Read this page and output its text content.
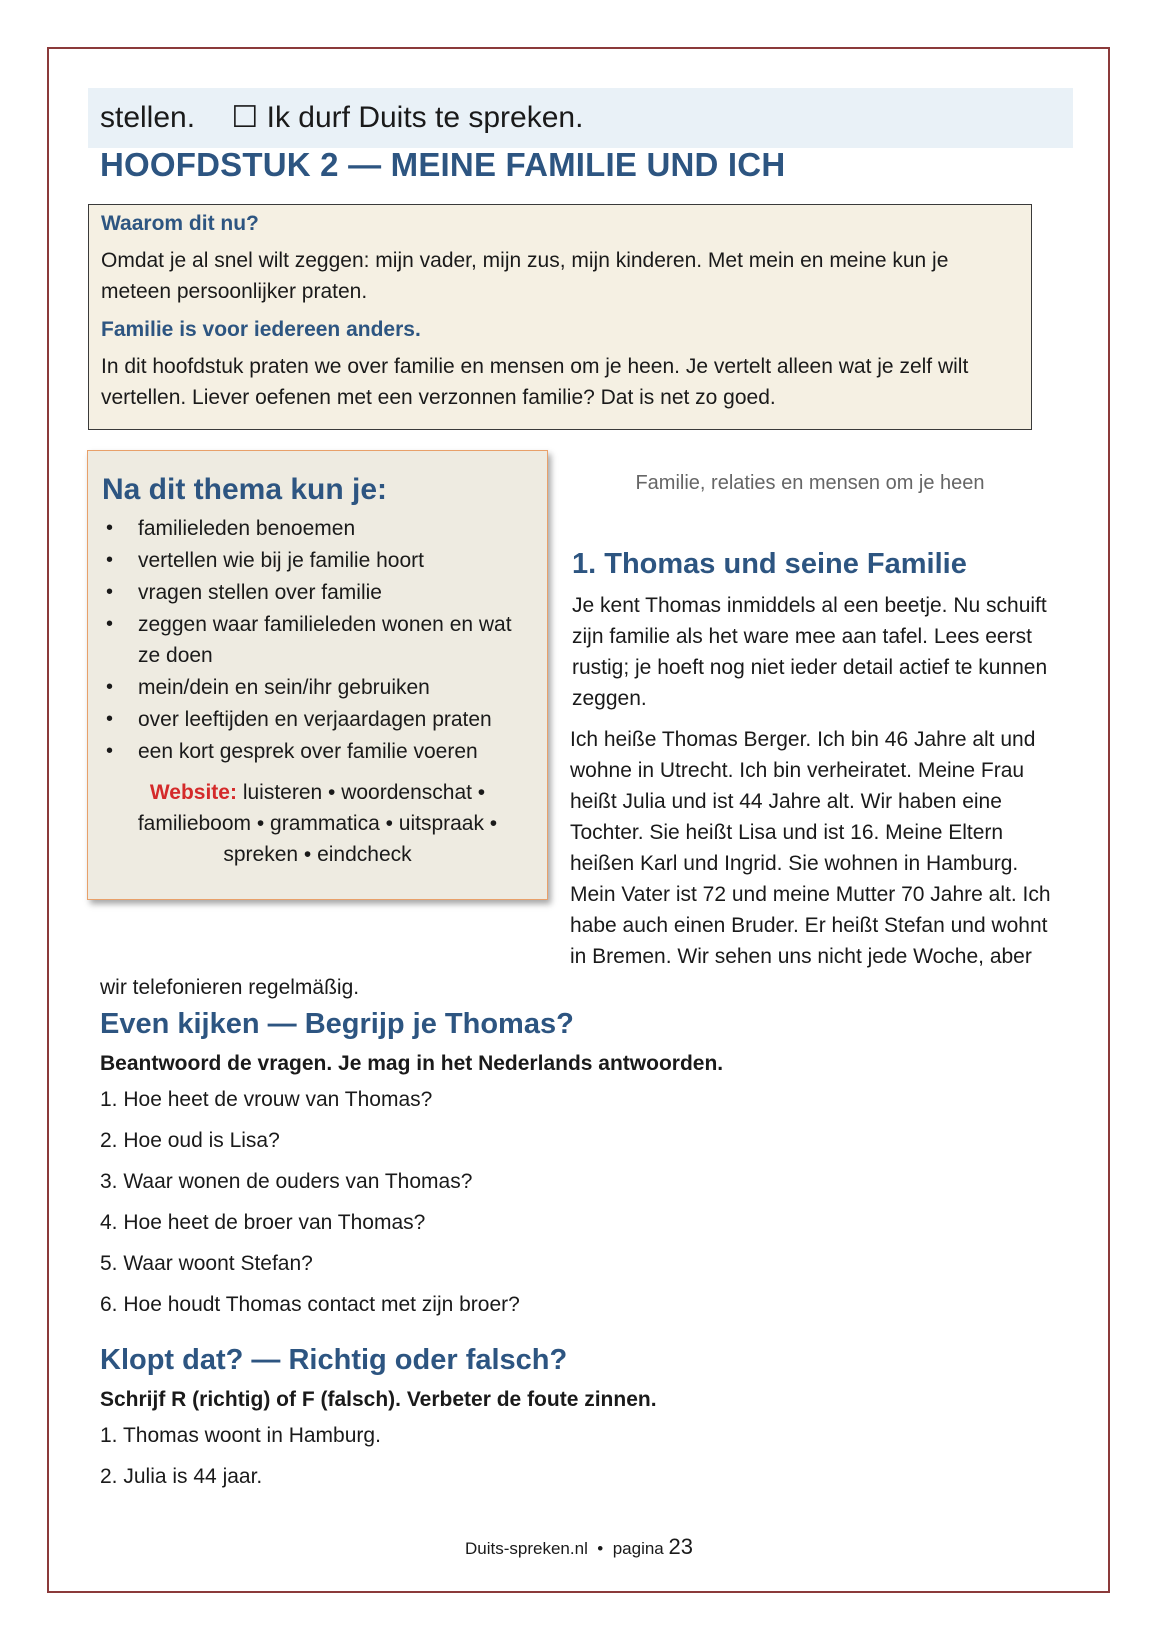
stellen. ☐ Ik durf Duits te spreken.
HOOFDSTUK 2 — MEINE FAMILIE UND ICH
Waarom dit nu?

Omdat je al snel wilt zeggen: mijn vader, mijn zus, mijn kinderen. Met mein en meine kun je meteen persoonlijker praten.

Familie is voor iedereen anders.

In dit hoofdstuk praten we over familie en mensen om je heen. Je vertelt alleen wat je zelf wilt vertellen. Liever oefenen met een verzonnen familie? Dat is net zo goed.

Na dit thema kun je:
• familieleden benoemen
• vertellen wie bij je familie hoort
• vragen stellen over familie
• zeggen waar familieleden wonen en wat ze doen
• mein/dein en sein/ihr gebruiken
• over leeftijden en verjaardagen praten
• een kort gesprek over familie voeren
Website: luisteren • woordenschat • familieboom • grammatica • uitspraak • spreken • eindcheck
Familie, relaties en mensen om je heen
1. Thomas und seine Familie

Je kent Thomas inmiddels al een beetje. Nu schuift zijn familie als het ware mee aan tafel. Lees eerst rustig; je hoeft nog niet ieder detail actief te kunnen zeggen.

Ich heiße Thomas Berger. Ich bin 46 Jahre alt und wohne in Utrecht. Ich bin verheiratet. Meine Frau heißt Julia und ist 44 Jahre alt. Wir haben eine Tochter. Sie heißt Lisa und ist 16. Meine Eltern heißen Karl und Ingrid. Sie wohnen in Hamburg. Mein Vater ist 72 und meine Mutter 70 Jahre alt. Ich habe auch einen Bruder. Er heißt Stefan und wohnt in Bremen. Wir sehen uns nicht jede Woche, aber wir telefonieren regelmäßig.
Even kijken — Begrijp je Thomas?

Beantwoord de vragen. Je mag in het Nederlands antwoorden.

1. Hoe heet de vrouw van Thomas?
2. Hoe oud is Lisa?
3. Waar wonen de ouders van Thomas?
4. Hoe heet de broer van Thomas?
5. Waar woont Stefan?
6. Hoe houdt Thomas contact met zijn broer?
Klopt dat? — Richtig oder falsch?

Schrijf R (richtig) of F (falsch). Verbeter de foute zinnen.

1. Thomas woont in Hamburg.
2. Julia is 44 jaar.
Duits-spreken.nl • pagina 23
